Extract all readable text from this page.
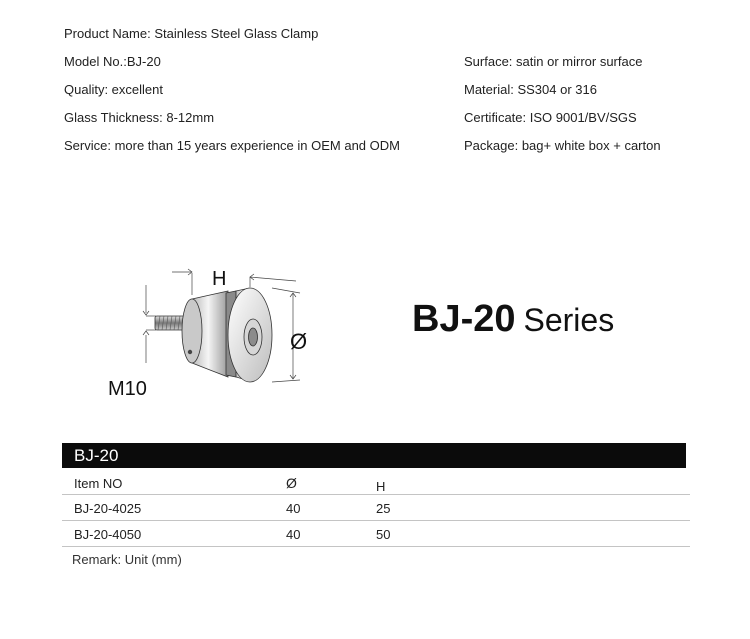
Product Name: Stainless Steel Glass Clamp
Model No.:BJ-20
Quality: excellent
Glass Thickness: 8-12mm
Service: more than 15 years experience in OEM and ODM
Surface: satin or mirror surface
Material: SS304 or 316
Certificate: ISO 9001/BV/SGS
Package: bag+ white box + carton
H
Ø
M10
BJ-20 Series
BJ-20
Item NO	Ø	H
BJ-20-4025	40	25
BJ-20-4050	40	50
Remark: Unit (mm)
